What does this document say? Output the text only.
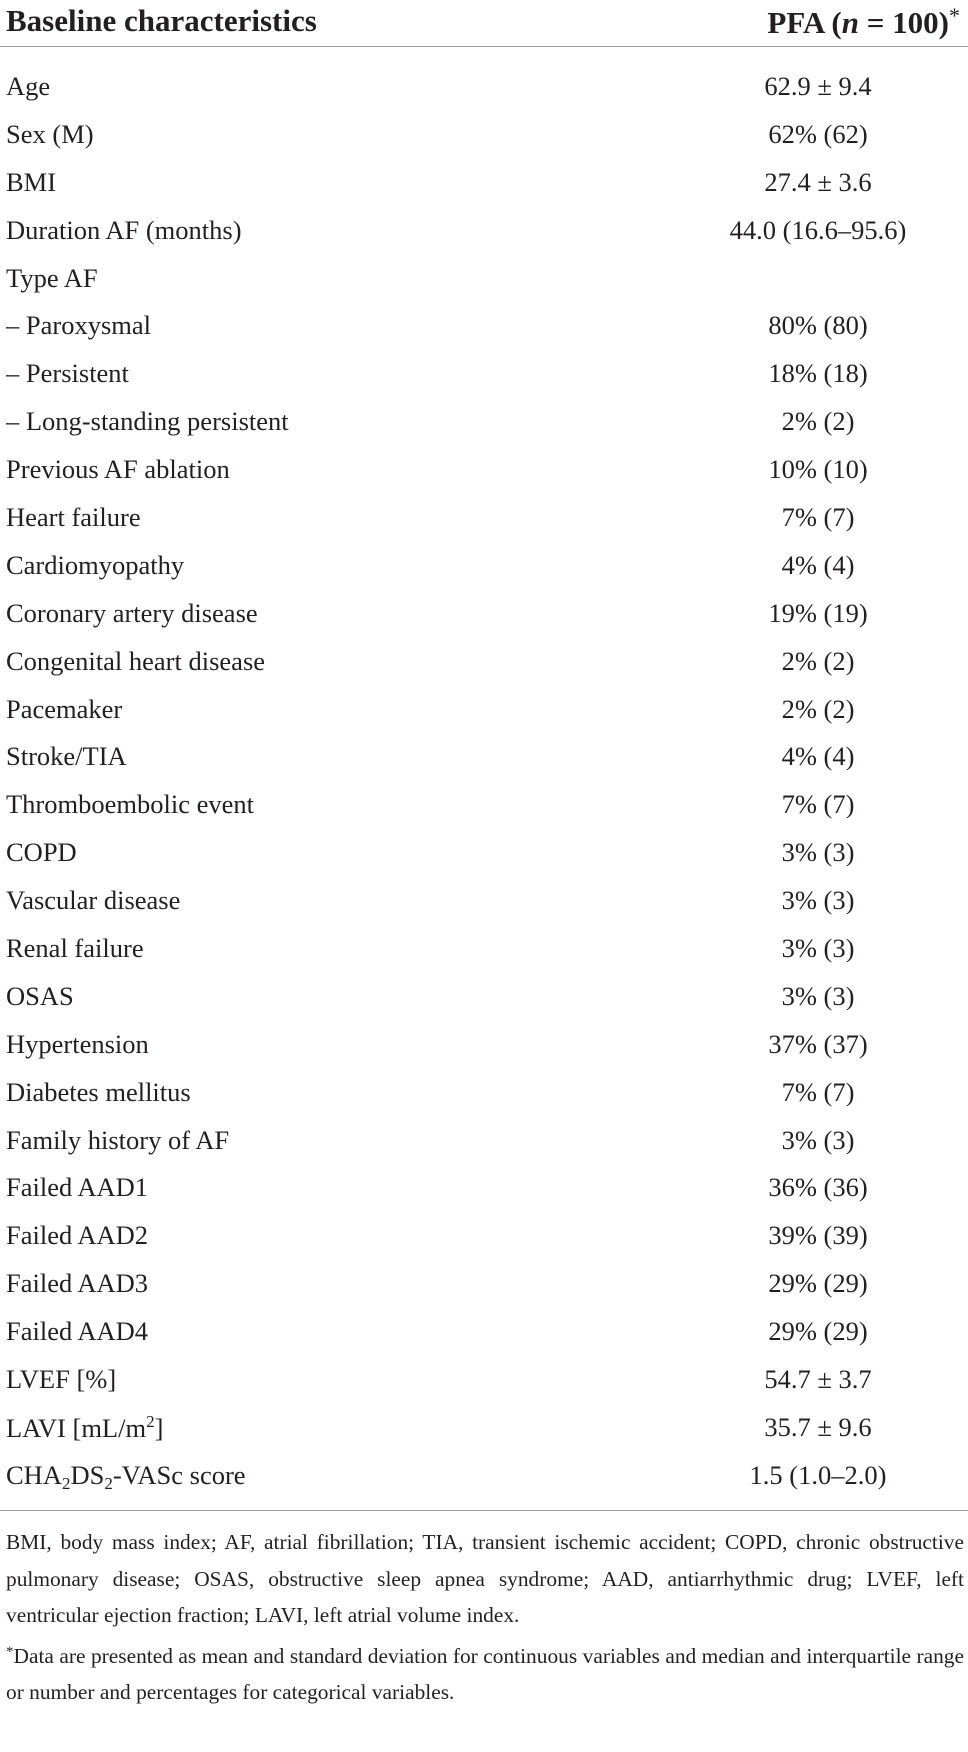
Baseline characteristics	PFA (n = 100)*
Age	62.9 ± 9.4
Sex (M)	62% (62)
BMI	27.4 ± 3.6
Duration AF (months)	44.0 (16.6–95.6)
Type AF
– Paroxysmal	80% (80)
– Persistent	18% (18)
– Long-standing persistent	2% (2)
Previous AF ablation	10% (10)
Heart failure	7% (7)
Cardiomyopathy	4% (4)
Coronary artery disease	19% (19)
Congenital heart disease	2% (2)
Pacemaker	2% (2)
Stroke/TIA	4% (4)
Thromboembolic event	7% (7)
COPD	3% (3)
Vascular disease	3% (3)
Renal failure	3% (3)
OSAS	3% (3)
Hypertension	37% (37)
Diabetes mellitus	7% (7)
Family history of AF	3% (3)
Failed AAD1	36% (36)
Failed AAD2	39% (39)
Failed AAD3	29% (29)
Failed AAD4	29% (29)
LVEF [%]	54.7 ± 3.7
LAVI $[mL/m^2]$	35.7 ± 9.6
$CHA_2DS_2$-VASc score	1.5 (1.0–2.0)

BMI, body mass index; AF, atrial fibrillation; TIA, transient ischemic accident; COPD, chronic obstructive pulmonary disease; OSAS, obstructive sleep apnea syndrome; AAD, antiarrhythmic drug; LVEF, left ventricular ejection fraction; LAVI, left atrial volume index.

*Data are presented as mean and standard deviation for continuous variables and median and interquartile range or number and percentages for categorical variables.
